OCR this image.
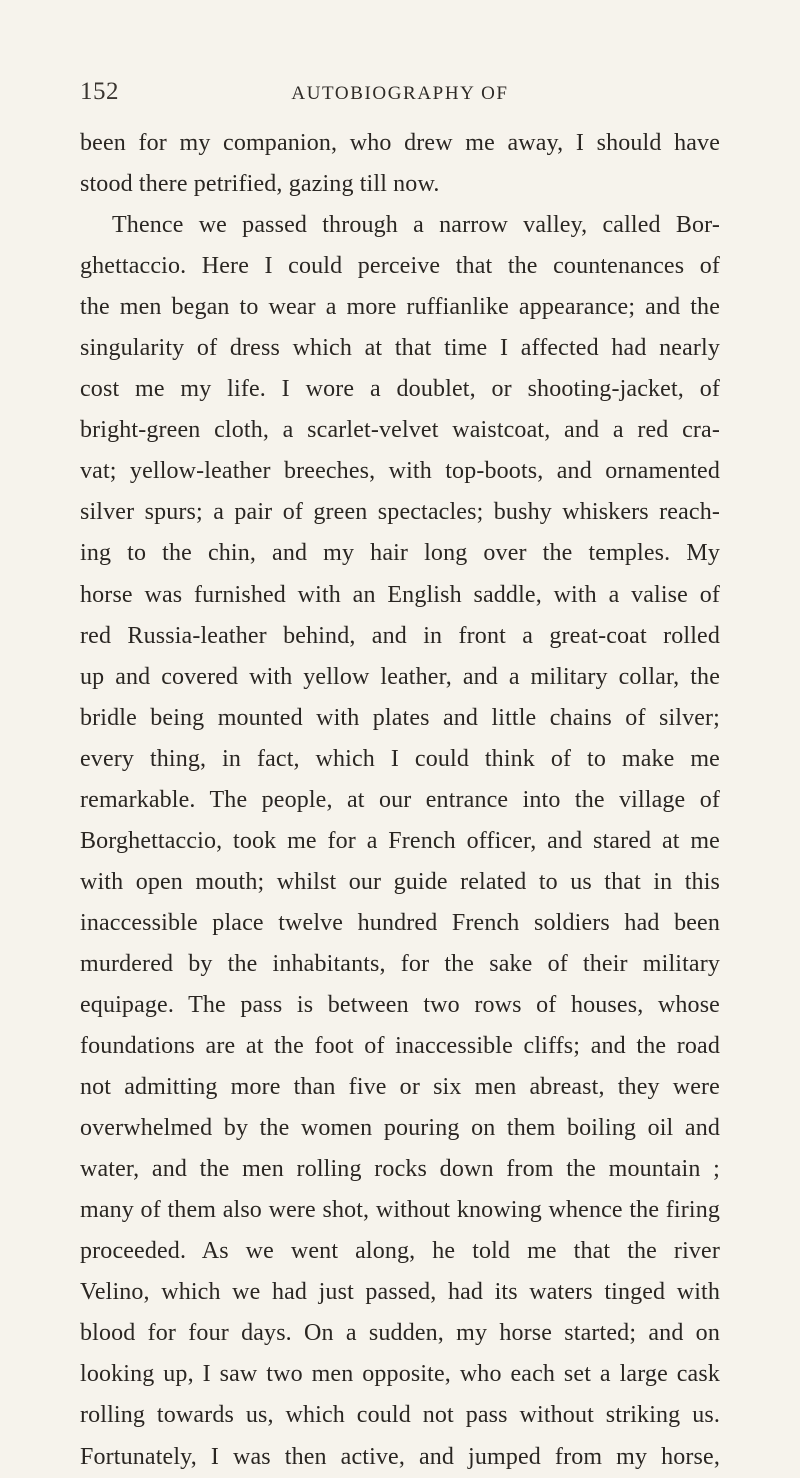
152	AUTOBIOGRAPHY OF
been for my companion, who drew me away, I should have
stood there petrified, gazing till now.
Thence we passed through a narrow valley, called Bor-
ghettaccio. Here I could perceive that the countenances of
the men began to wear a more ruffianlike appearance; and the
singularity of dress which at that time I affected had nearly
cost me my life. I wore a doublet, or shooting-jacket, of
bright-green cloth, a scarlet-velvet waistcoat, and a red cra-
vat; yellow-leather breeches, with top-boots, and ornamented
silver spurs; a pair of green spectacles; bushy whiskers reach-
ing to the chin, and my hair long over the temples. My
horse was furnished with an English saddle, with a valise of
red Russia-leather behind, and in front a great-coat rolled
up and covered with yellow leather, and a military collar, the
bridle being mounted with plates and little chains of silver;
every thing, in fact, which I could think of to make me
remarkable. The people, at our entrance into the village of
Borghettaccio, took me for a French officer, and stared at me
with open mouth; whilst our guide related to us that in this
inaccessible place twelve hundred French soldiers had been
murdered by the inhabitants, for the sake of their military
equipage. The pass is between two rows of houses, whose
foundations are at the foot of inaccessible cliffs; and the road
not admitting more than five or six men abreast, they were
overwhelmed by the women pouring on them boiling oil and
water, and the men rolling rocks down from the mountain ;
many of them also were shot, without knowing whence the firing
proceeded. As we went along, he told me that the river
Velino, which we had just passed, had its waters tinged with
blood for four days. On a sudden, my horse started; and on
looking up, I saw two men opposite, who each set a large cask
rolling towards us, which could not pass without striking us.
Fortunately, I was then active, and jumped from my horse,
